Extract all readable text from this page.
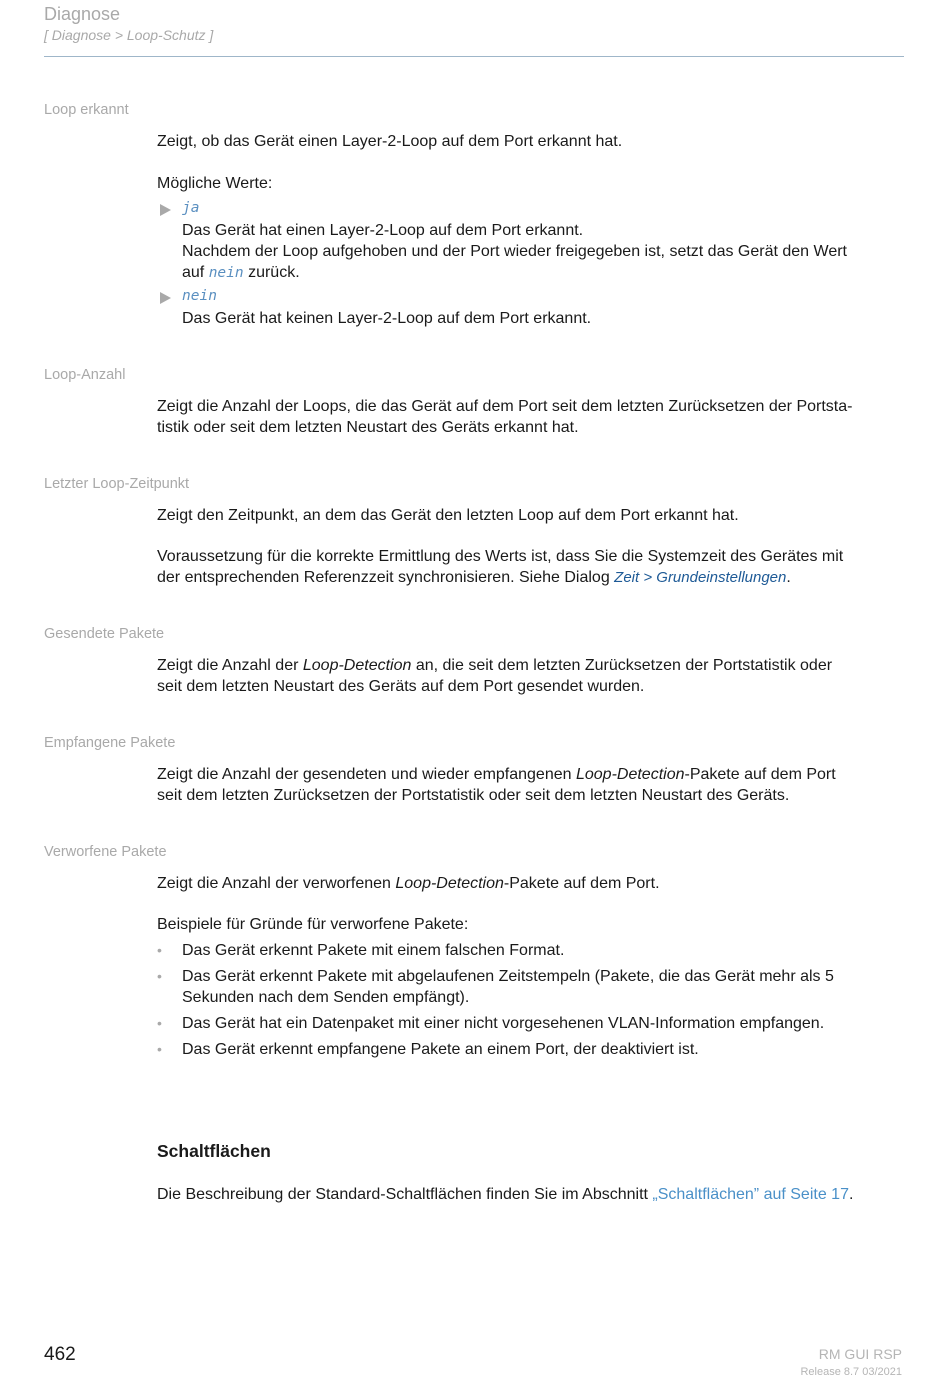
Diagnose
[ Diagnose > Loop-Schutz ]
Loop erkannt
Zeigt, ob das Gerät einen Layer-2-Loop auf dem Port erkannt hat.
Mögliche Werte:
ja
Das Gerät hat einen Layer-2-Loop auf dem Port erkannt.
Nachdem der Loop aufgehoben und der Port wieder freigegeben ist, setzt das Gerät den Wert
auf nein zurück.
nein
Das Gerät hat keinen Layer-2-Loop auf dem Port erkannt.
Loop-Anzahl
Zeigt die Anzahl der Loops, die das Gerät auf dem Port seit dem letzten Zurücksetzen der Portsta-
tistik oder seit dem letzten Neustart des Geräts erkannt hat.
Letzter Loop-Zeitpunkt
Zeigt den Zeitpunkt, an dem das Gerät den letzten Loop auf dem Port erkannt hat.
Voraussetzung für die korrekte Ermittlung des Werts ist, dass Sie die Systemzeit des Gerätes mit
der entsprechenden Referenzzeit synchronisieren. Siehe Dialog Zeit > Grundeinstellungen.
Gesendete Pakete
Zeigt die Anzahl der Loop-Detection an, die seit dem letzten Zurücksetzen der Portstatistik oder
seit dem letzten Neustart des Geräts auf dem Port gesendet wurden.
Empfangene Pakete
Zeigt die Anzahl der gesendeten und wieder empfangenen Loop-Detection-Pakete auf dem Port
seit dem letzten Zurücksetzen der Portstatistik oder seit dem letzten Neustart des Geräts.
Verworfene Pakete
Zeigt die Anzahl der verworfenen Loop-Detection-Pakete auf dem Port.
Beispiele für Gründe für verworfene Pakete:
• Das Gerät erkennt Pakete mit einem falschen Format.
• Das Gerät erkennt Pakete mit abgelaufenen Zeitstempeln (Pakete, die das Gerät mehr als 5
Sekunden nach dem Senden empfängt).
• Das Gerät hat ein Datenpaket mit einer nicht vorgesehenen VLAN-Information empfangen.
• Das Gerät erkennt empfangene Pakete an einem Port, der deaktiviert ist.
Schaltflächen
Die Beschreibung der Standard-Schaltflächen finden Sie im Abschnitt „Schaltflächen” auf Seite 17.
462	RM GUI RSP
Release 8.7 03/2021
